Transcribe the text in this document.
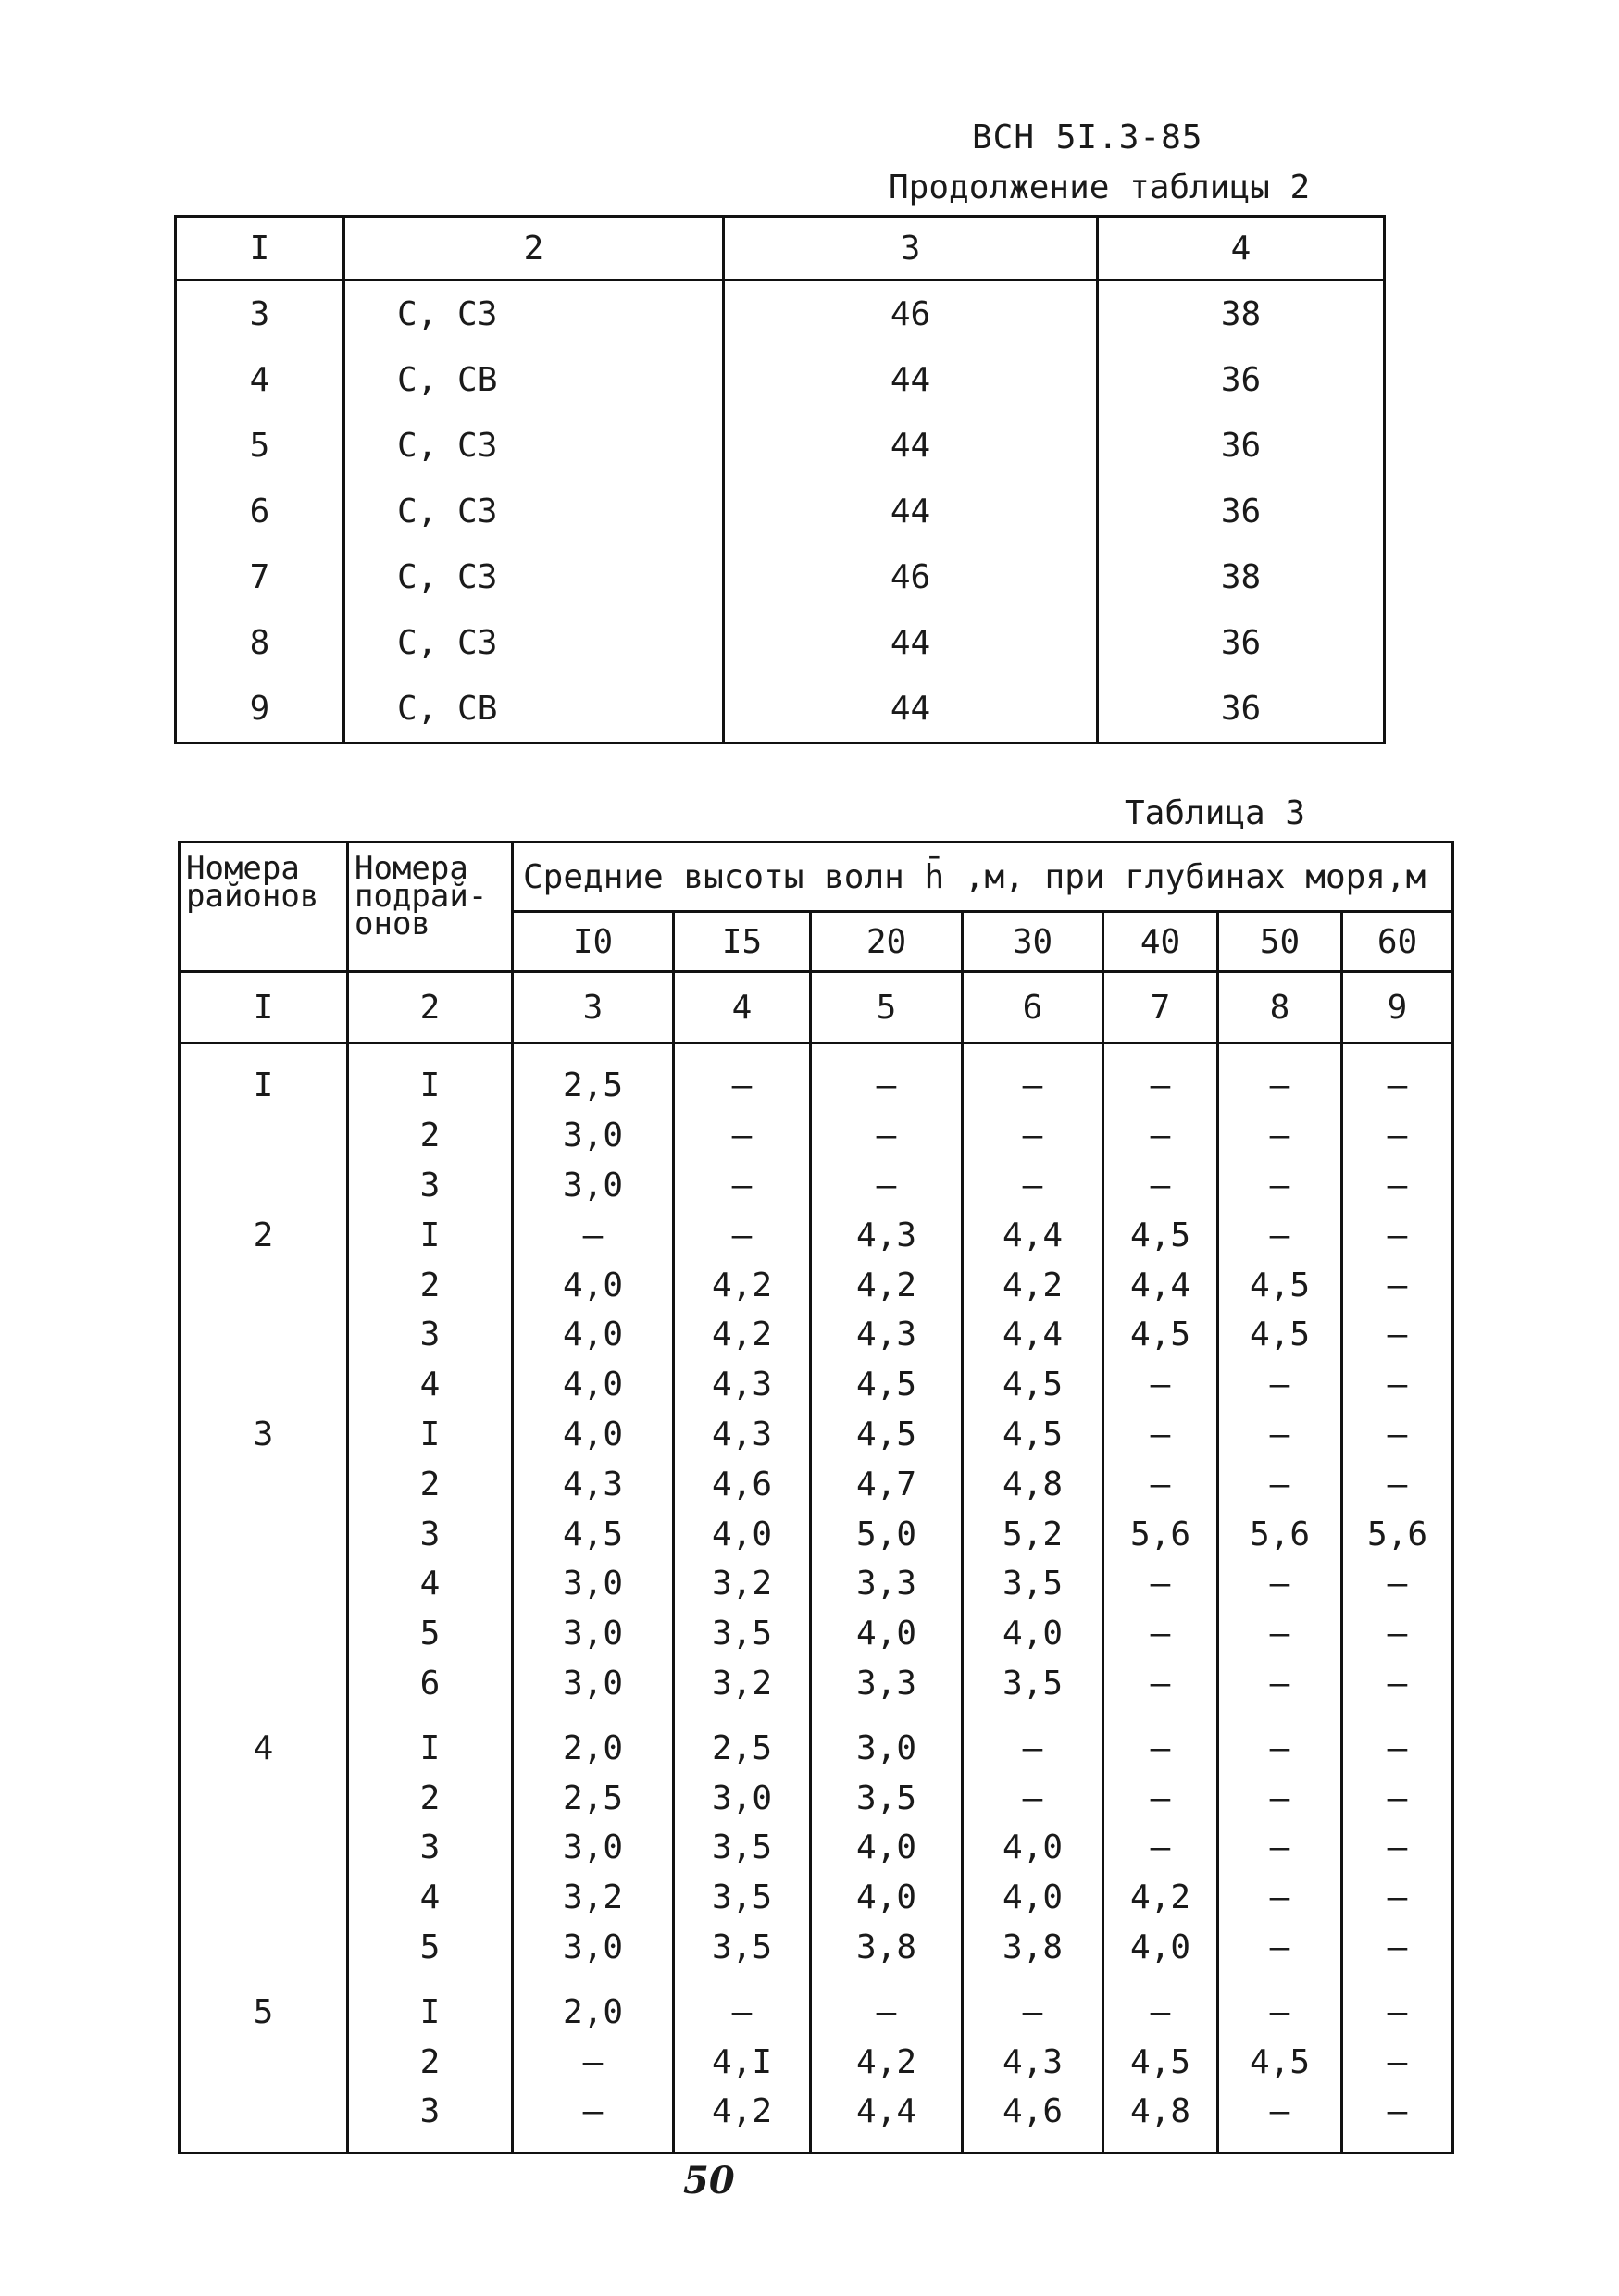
ВСН 5I.3-85
Продолжение таблицы 2
I	2	3	4
3	С, СЗ	46	38
4	С, СВ	44	36
5	С, СЗ	44	36
6	С, СЗ	44	36
7	С, СЗ	46	38
8	С, СЗ	44	36
9	С, СВ	44	36
Таблица 3
Номера районов	Номера подрай- онов	Средние высоты волн h̄ ,м, при глубинах моря,м						
		I0	I5	20	30	40	50	60
I	2	3	4	5	6	7	8	9
I	I	2,5	–	–	–	–	–	–
	2	3,0	–	–	–	–	–	–
	3	3,0	–	–	–	–	–	–
2	I	–	–	4,3	4,4	4,5	–	–
	2	4,0	4,2	4,2	4,2	4,4	4,5	–
	3	4,0	4,2	4,3	4,4	4,5	4,5	–
	4	4,0	4,3	4,5	4,5	–	–	–
3	I	4,0	4,3	4,5	4,5	–	–	–
	2	4,3	4,6	4,7	4,8	–	–	–
	3	4,5	4,0	5,0	5,2	5,6	5,6	5,6
	4	3,0	3,2	3,3	3,5	–	–	–
	5	3,0	3,5	4,0	4,0	–	–	–
	6	3,0	3,2	3,3	3,5	–	–	–
4	I	2,0	2,5	3,0	–	–	–	–
	2	2,5	3,0	3,5	–	–	–	–
	3	3,0	3,5	4,0	4,0	–	–	–
	4	3,2	3,5	4,0	4,0	4,2	–	–
	5	3,0	3,5	3,8	3,8	4,0	–	–
5	I	2,0	–	–	–	–	–	–
	2	–	4,I	4,2	4,3	4,5	4,5	–
	3	–	4,2	4,4	4,6	4,8	–	–
50
